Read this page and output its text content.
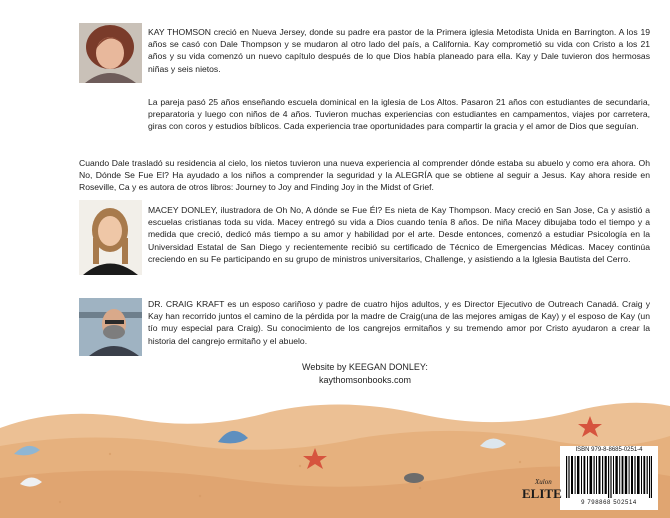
KAY THOMSON creció en Nueva Jersey, donde su padre era pastor de la Primera iglesia Metodista Unida en Barrington. A los 19 años se casó con Dale Thompson y se mudaron al otro lado del país, a California. Kay comprometió su vida con Cristo a los 21 años y su vida comenzó un nuevo capítulo después de lo que Dios había planeado para ella. Kay y Dale tuvieron dos hermosas niñas y seis nietos.
La pareja pasó 25 años enseñando escuela dominical en la iglesia de Los Altos. Pasaron 21 años con estudiantes de secundaria, preparatoria y luego con niños de 4 años. Tuvieron muchas experiencias con estudiantes en campamentos, viajes por carretera, giras con coros y estudios bíblicos. Cada experiencia trae oportunidades para compartir la gracia y el amor de Dios que seguían.
Cuando Dale trasladó su residencia al cielo, los nietos tuvieron una nueva experiencia al comprender dónde estaba su abuelo y como era ahora. Oh No, Dónde Se Fue El? Ha ayudado a los niños a comprender la seguridad y la ALEGRÍA que se obtiene al seguir a Jesus. Kay ahora reside en Roseville, Ca y es autora de otros libros: Journey to Joy and Finding Joy in the Midst of Grief.
MACEY DONLEY, ilustradora de Oh No, A dónde se Fue Él? Es nieta de Kay Thompson. Macy creció en San Jose, Ca y asistió a escuelas cristianas toda su vida. Macey entregó su vida a Dios cuando tenía 8 años. De niña Macey dibujaba todo el tiempo y a medida que creció, dedicó más tiempo a su amor y habilidad por el arte. Desde entonces, comenzó a estudiar Psicología en la Universidad Estatal de San Diego y recientemente recibió su certificado de Técnico de Emergencias Médicas. Macey continúa creciendo en su Fe participando en su grupo de ministros universitarios, Challenge, y asistiendo a la Iglesia Bautista del Cerro.
DR. CRAIG KRAFT es un esposo cariñoso y padre de cuatro hijos adultos, y es Director Ejecutivo de Outreach Canadá. Craig y Kay han recorrido juntos el camino de la pérdida por la madre de Craig(una de las mejores amigas de Kay) y el esposo de Kay (un tío muy especial para Craig). Su conocimiento de los cangrejos ermitaños y su tremendo amor por Cristo ayudaron a crear la historia del cangrejo ermitaño y el abuelo.
Website by KEEGAN DONLEY:
kaythomsonbooks.com
ISBN 979-8-8685-0251-4
9 798868 502514
Xulon
ELITE
